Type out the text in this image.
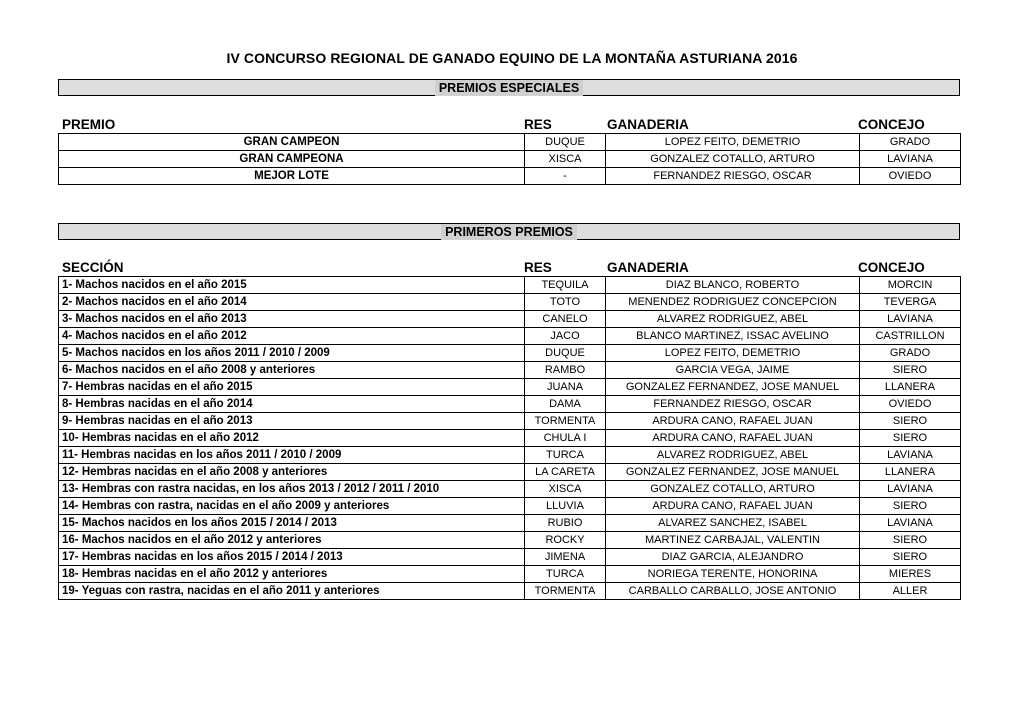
IV CONCURSO REGIONAL DE GANADO EQUINO DE LA MONTAÑA ASTURIANA 2016
PREMIOS ESPECIALES
PREMIO	RES	GANADERIA	CONCEJO
GRAN CAMPEON	DUQUE	LOPEZ FEITO, DEMETRIO	GRADO
GRAN CAMPEONA	XISCA	GONZALEZ COTALLO, ARTURO	LAVIANA
MEJOR LOTE	-	FERNANDEZ RIESGO, OSCAR	OVIEDO
PRIMEROS PREMIOS
SECCIÓN	RES	GANADERIA	CONCEJO
1- Machos nacidos en el año 2015	TEQUILA	DIAZ BLANCO, ROBERTO	MORCIN
2- Machos nacidos en el año 2014	TOTO	MENENDEZ RODRIGUEZ CONCEPCION	TEVERGA
3- Machos nacidos en el año 2013	CANELO	ALVAREZ RODRIGUEZ, ABEL	LAVIANA
4- Machos nacidos en el año 2012	JACO	BLANCO MARTINEZ, ISSAC AVELINO	CASTRILLON
5- Machos nacidos en los años 2011 / 2010 / 2009	DUQUE	LOPEZ FEITO, DEMETRIO	GRADO
6- Machos nacidos en el año 2008 y anteriores	RAMBO	GARCIA VEGA, JAIME	SIERO
7- Hembras nacidas en el año 2015	JUANA	GONZALEZ FERNANDEZ, JOSE MANUEL	LLANERA
8- Hembras nacidas en el año 2014	DAMA	FERNANDEZ RIESGO, OSCAR	OVIEDO
9- Hembras nacidas en el año 2013	TORMENTA	ARDURA CANO, RAFAEL JUAN	SIERO
10- Hembras nacidas en el año 2012	CHULA I	ARDURA CANO, RAFAEL JUAN	SIERO
11- Hembras nacidas en los años 2011 / 2010 / 2009	TURCA	ALVAREZ RODRIGUEZ, ABEL	LAVIANA
12- Hembras nacidas en el año 2008 y anteriores	LA CARETA	GONZALEZ FERNANDEZ, JOSE MANUEL	LLANERA
13- Hembras con rastra nacidas, en los años 2013 / 2012 / 2011 / 2010	XISCA	GONZALEZ COTALLO, ARTURO	LAVIANA
14- Hembras con rastra, nacidas en el año 2009 y anteriores	LLUVIA	ARDURA CANO, RAFAEL JUAN	SIERO
15- Machos nacidos en los años 2015 / 2014 / 2013	RUBIO	ALVAREZ SANCHEZ, ISABEL	LAVIANA
16- Machos nacidos en el año 2012 y anteriores	ROCKY	MARTINEZ CARBAJAL, VALENTIN	SIERO
17- Hembras nacidas en los años 2015 / 2014 / 2013	JIMENA	DIAZ GARCIA, ALEJANDRO	SIERO
18- Hembras nacidas en el año 2012 y anteriores	TURCA	NORIEGA TERENTE, HONORINA	MIERES
19- Yeguas con rastra, nacidas en el año 2011 y anteriores	TORMENTA	CARBALLO CARBALLO, JOSE ANTONIO	ALLER
